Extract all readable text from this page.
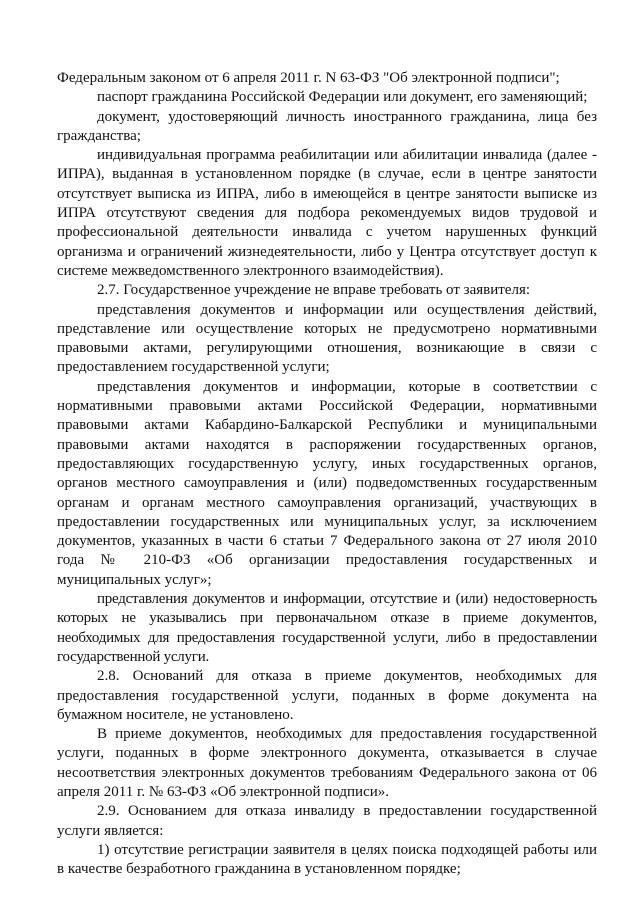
Федеральным законом от 6 апреля 2011 г. N 63-ФЗ "Об электронной подписи";

паспорт гражданина Российской Федерации или документ, его заменяющий;

документ, удостоверяющий личность иностранного гражданина, лица без гражданства;

индивидуальная программа реабилитации или абилитации инвалида (далее - ИПРА), выданная в установленном порядке (в случае, если в центре занятости отсутствует выписка из ИПРА, либо в имеющейся в центре занятости выписке из ИПРА отсутствуют сведения для подбора рекомендуемых видов трудовой и профессиональной деятельности инвалида с учетом нарушенных функций организма и ограничений жизнедеятельности, либо у Центра отсутствует доступ к системе межведомственного электронного взаимодействия).

2.7. Государственное учреждение не вправе требовать от заявителя:

представления документов и информации или осуществления действий, представление или осуществление которых не предусмотрено нормативными правовыми актами, регулирующими отношения, возникающие в связи с предоставлением государственной услуги;

представления документов и информации, которые в соответствии с нормативными правовыми актами Российской Федерации, нормативными правовыми актами Кабардино-Балкарской Республики и муниципальными правовыми актами находятся в распоряжении государственных органов, предоставляющих государственную услугу, иных государственных органов, органов местного самоуправления и (или) подведомственных государственным органам и органам местного самоуправления организаций, участвующих в предоставлении государственных или муниципальных услуг, за исключением документов, указанных в части 6 статьи 7 Федерального закона от 27 июля 2010 года № 210-ФЗ «Об организации предоставления государственных и муниципальных услуг»;

представления документов и информации, отсутствие и (или) недостоверность которых не указывались при первоначальном отказе в приеме документов, необходимых для предоставления государственной услуги, либо в предоставлении государственной услуги.

2.8. Оснований для отказа в приеме документов, необходимых для предоставления государственной услуги, поданных в форме документа на бумажном носителе, не установлено.

В приеме документов, необходимых для предоставления государственной услуги, поданных в форме электронного документа, отказывается в случае несоответствия электронных документов требованиям Федерального закона от 06 апреля 2011 г. № 63-ФЗ «Об электронной подписи».

2.9. Основанием для отказа инвалиду в предоставлении государственной услуги является:

1) отсутствие регистрации заявителя в целях поиска подходящей работы или в качестве безработного гражданина в установленном порядке;
